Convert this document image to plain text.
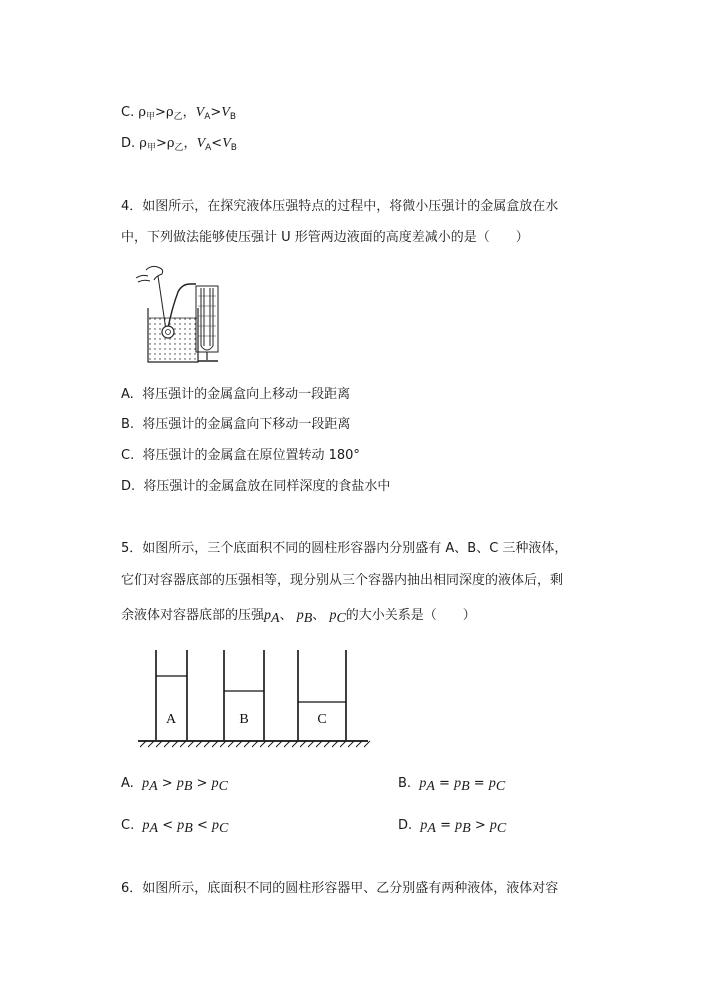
C. $\rho_甲>\rho_乙$，$V_A>V_B$
D. $\rho_甲>\rho_乙$，$V_A<V_B$
4．如图所示，在探究液体压强特点的过程中，将微小压强计的金属盒放在水
中，下列做法能够使压强计 U 形管两边液面的高度差减小的是（　　）
A. 将压强计的金属盒向上移动一段距离
B. 将压强计的金属盒向下移动一段距离
C. 将压强计的金属盒在原位置转动 180°
D. 将压强计的金属盒放在同样深度的食盐水中
5．如图所示，三个底面积不同的圆柱形容器内分别盛有 A、B、C 三种液体，
它们对容器底部的压强相等，现分别从三个容器内抽出相同深度的液体后，剩
余液体对容器底部的压强$p_A$、 $p_B$、 $p_C$的大小关系是（　　）
A	B	C
A. $p_A > p_B > p_C$	B. $p_A = p_B = p_C$
C. $p_A < p_B < p_C$	D. $p_A = p_B > p_C$
6．如图所示，底面积不同的圆柱形容器甲、乙分别盛有两种液体，液体对容
